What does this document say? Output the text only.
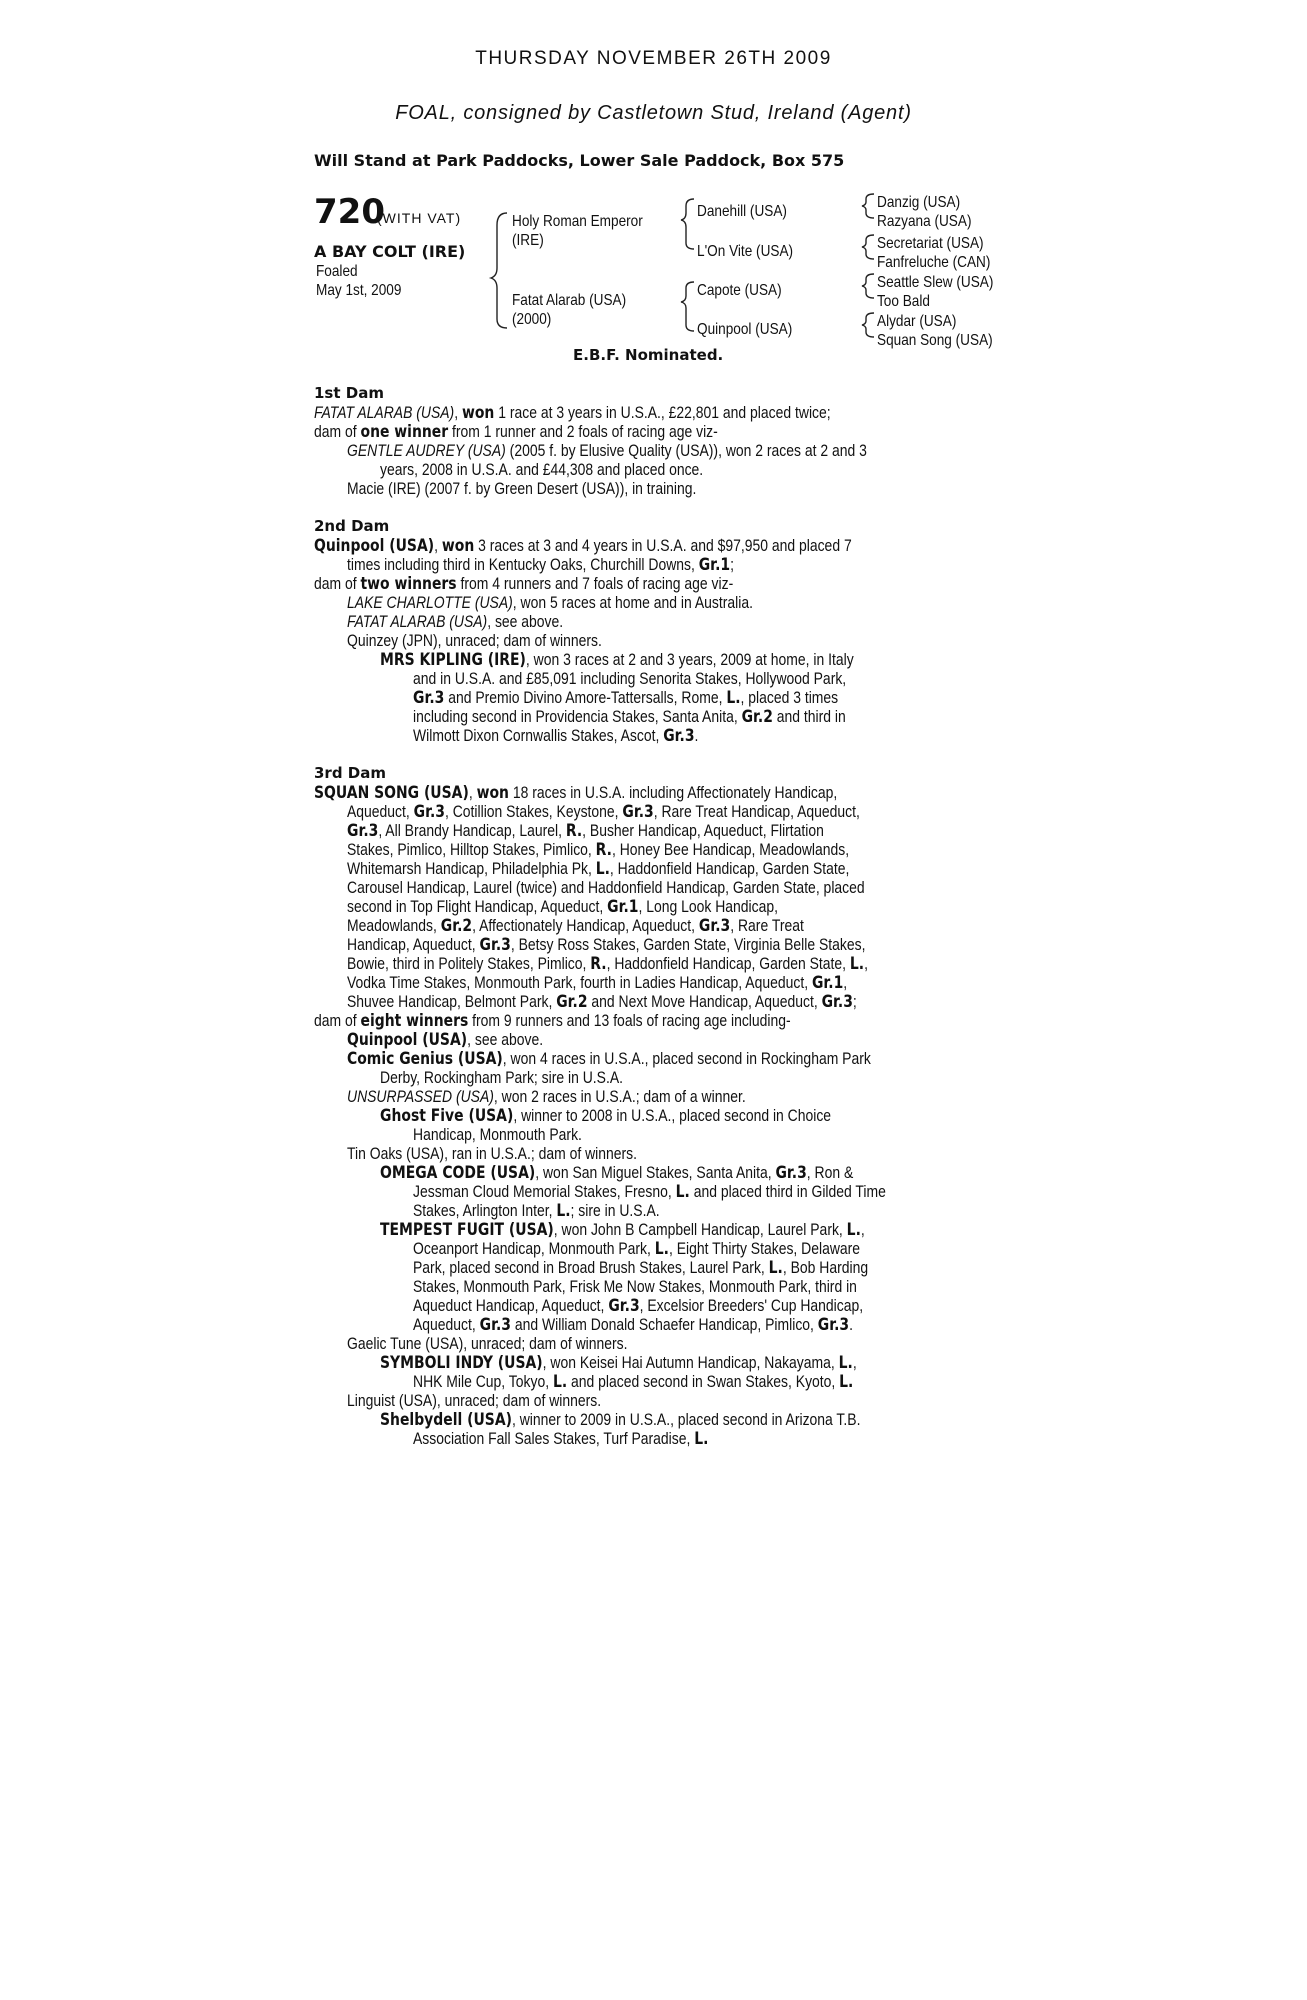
THURSDAY NOVEMBER 26TH 2009
FOAL, consigned by Castletown Stud, Ireland (Agent)
Will Stand at Park Paddocks, Lower Sale Paddock, Box 575
720
(WITH VAT)
A BAY COLT (IRE)
Foaled
May 1st, 2009
Holy Roman Emperor
(IRE)
Fatat Alarab (USA)
(2000)
Danehill (USA)
L'On Vite (USA)
Capote (USA)
Quinpool (USA)
Danzig (USA)
Razyana (USA)
Secretariat (USA)
Fanfreluche (CAN)
Seattle Slew (USA)
Too Bald
Alydar (USA)
Squan Song (USA)
E.B.F. Nominated.
1st Dam
FATAT ALARAB (USA), won 1 race at 3 years in U.S.A., £22,801 and placed twice;
dam of one winner from 1 runner and 2 foals of racing age viz-
GENTLE AUDREY (USA) (2005 f. by Elusive Quality (USA)), won 2 races at 2 and 3
years, 2008 in U.S.A. and £44,308 and placed once.
Macie (IRE) (2007 f. by Green Desert (USA)), in training.
2nd Dam
Quinpool (USA), won 3 races at 3 and 4 years in U.S.A. and $97,950 and placed 7
times including third in Kentucky Oaks, Churchill Downs, Gr.1;
dam of two winners from 4 runners and 7 foals of racing age viz-
LAKE CHARLOTTE (USA), won 5 races at home and in Australia.
FATAT ALARAB (USA), see above.
Quinzey (JPN), unraced; dam of winners.
MRS KIPLING (IRE), won 3 races at 2 and 3 years, 2009 at home, in Italy
and in U.S.A. and £85,091 including Senorita Stakes, Hollywood Park,
Gr.3 and Premio Divino Amore-Tattersalls, Rome, L., placed 3 times
including second in Providencia Stakes, Santa Anita, Gr.2 and third in
Wilmott Dixon Cornwallis Stakes, Ascot, Gr.3.
3rd Dam
SQUAN SONG (USA), won 18 races in U.S.A. including Affectionately Handicap,
Aqueduct, Gr.3, Cotillion Stakes, Keystone, Gr.3, Rare Treat Handicap, Aqueduct,
Gr.3, All Brandy Handicap, Laurel, R., Busher Handicap, Aqueduct, Flirtation
Stakes, Pimlico, Hilltop Stakes, Pimlico, R., Honey Bee Handicap, Meadowlands,
Whitemarsh Handicap, Philadelphia Pk, L., Haddonfield Handicap, Garden State,
Carousel Handicap, Laurel (twice) and Haddonfield Handicap, Garden State, placed
second in Top Flight Handicap, Aqueduct, Gr.1, Long Look Handicap,
Meadowlands, Gr.2, Affectionately Handicap, Aqueduct, Gr.3, Rare Treat
Handicap, Aqueduct, Gr.3, Betsy Ross Stakes, Garden State, Virginia Belle Stakes,
Bowie, third in Politely Stakes, Pimlico, R., Haddonfield Handicap, Garden State, L.,
Vodka Time Stakes, Monmouth Park, fourth in Ladies Handicap, Aqueduct, Gr.1,
Shuvee Handicap, Belmont Park, Gr.2 and Next Move Handicap, Aqueduct, Gr.3;
dam of eight winners from 9 runners and 13 foals of racing age including-
Quinpool (USA), see above.
Comic Genius (USA), won 4 races in U.S.A., placed second in Rockingham Park
Derby, Rockingham Park; sire in U.S.A.
UNSURPASSED (USA), won 2 races in U.S.A.; dam of a winner.
Ghost Five (USA), winner to 2008 in U.S.A., placed second in Choice
Handicap, Monmouth Park.
Tin Oaks (USA), ran in U.S.A.; dam of winners.
OMEGA CODE (USA), won San Miguel Stakes, Santa Anita, Gr.3, Ron &
Jessman Cloud Memorial Stakes, Fresno, L. and placed third in Gilded Time
Stakes, Arlington Inter, L.; sire in U.S.A.
TEMPEST FUGIT (USA), won John B Campbell Handicap, Laurel Park, L.,
Oceanport Handicap, Monmouth Park, L., Eight Thirty Stakes, Delaware
Park, placed second in Broad Brush Stakes, Laurel Park, L., Bob Harding
Stakes, Monmouth Park, Frisk Me Now Stakes, Monmouth Park, third in
Aqueduct Handicap, Aqueduct, Gr.3, Excelsior Breeders' Cup Handicap,
Aqueduct, Gr.3 and William Donald Schaefer Handicap, Pimlico, Gr.3.
Gaelic Tune (USA), unraced; dam of winners.
SYMBOLI INDY (USA), won Keisei Hai Autumn Handicap, Nakayama, L.,
NHK Mile Cup, Tokyo, L. and placed second in Swan Stakes, Kyoto, L.
Linguist (USA), unraced; dam of winners.
Shelbydell (USA), winner to 2009 in U.S.A., placed second in Arizona T.B.
Association Fall Sales Stakes, Turf Paradise, L.
